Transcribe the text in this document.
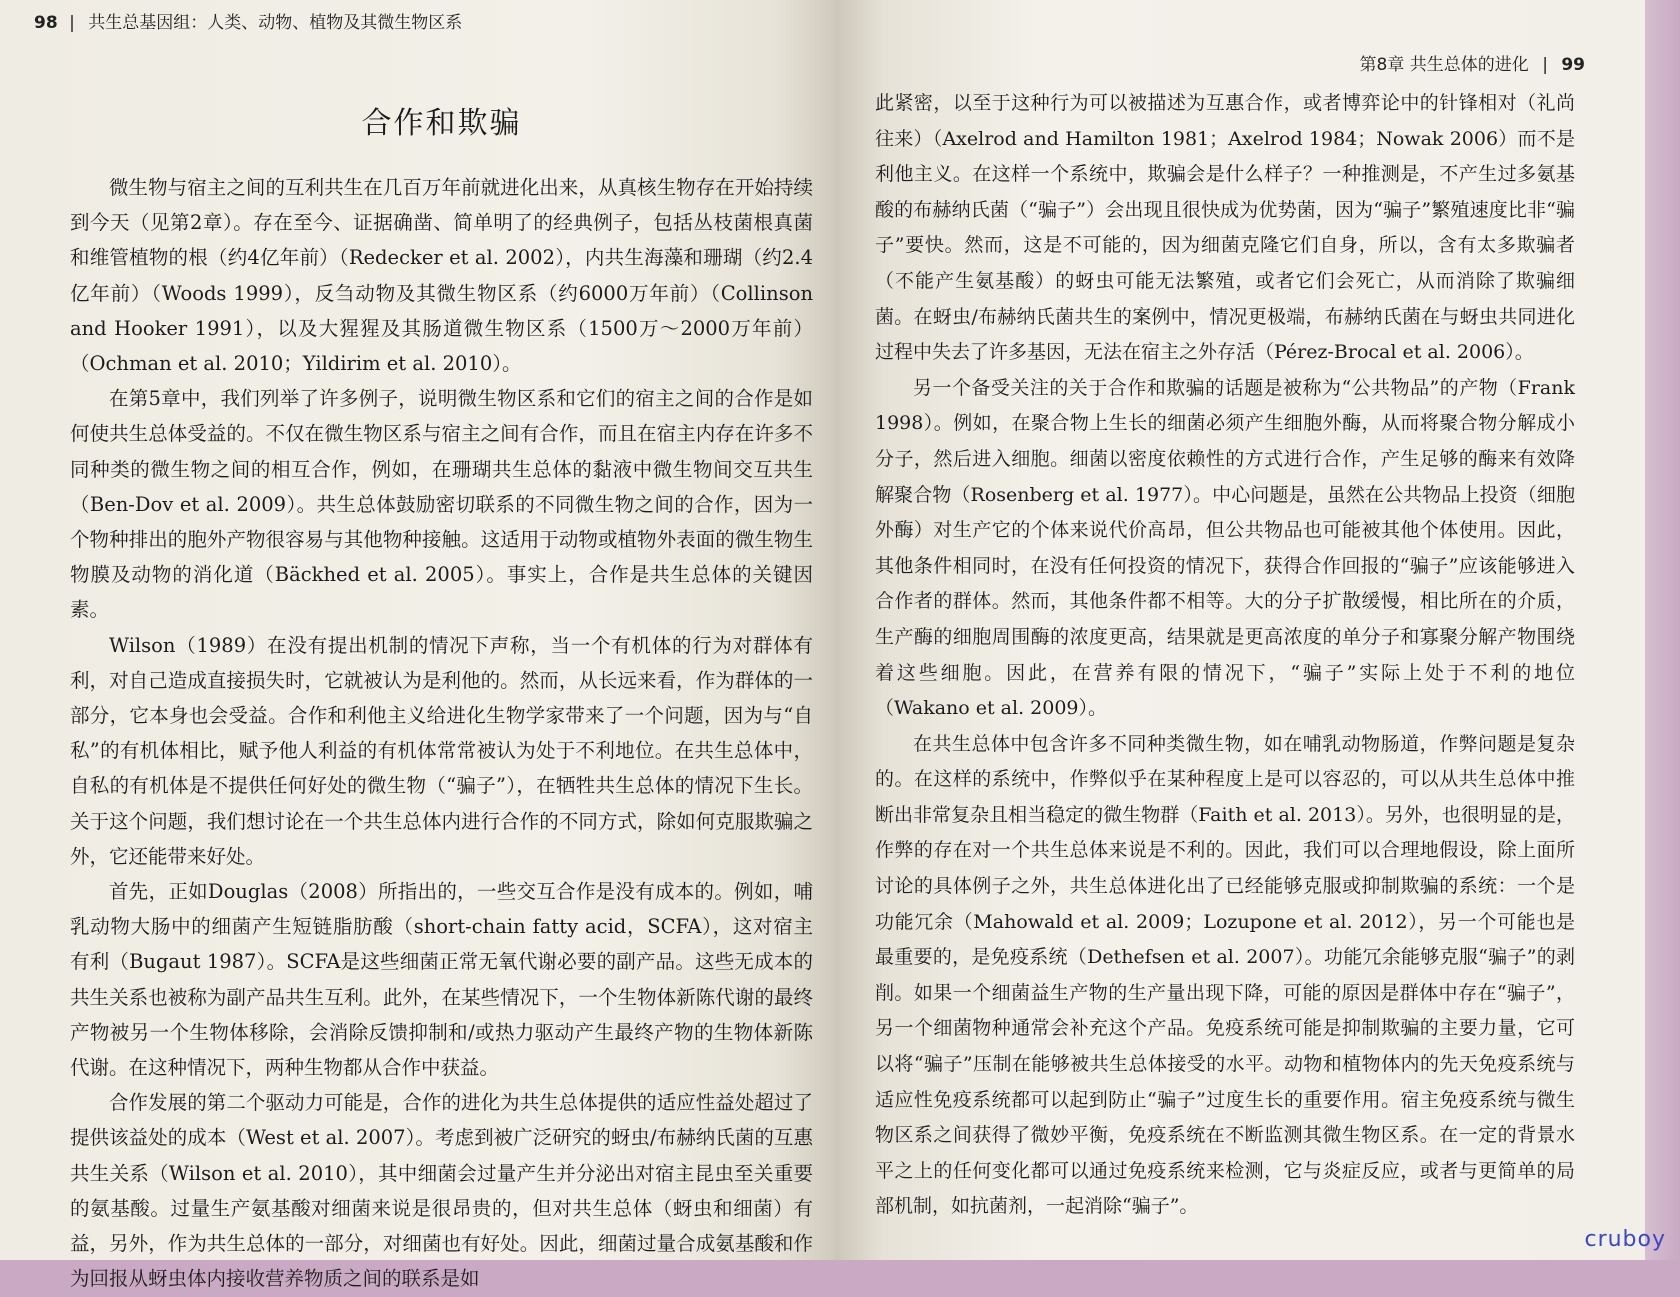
98 | 共生总基因组：人类、动物、植物及其微生物区系
合作和欺骗

微生物与宿主之间的互利共生在几百万年前就进化出来，从真核生物存在开始持续到今天（见第2章）。存在至今、证据确凿、简单明了的经典例子，包括丛枝菌根真菌和维管植物的根（约4亿年前）（Redecker et al. 2002），内共生海藻和珊瑚（约2.4亿年前）（Woods 1999），反刍动物及其微生物区系（约6000万年前）（Collinson and Hooker 1991），以及大猩猩及其肠道微生物区系（1500万～2000万年前）（Ochman et al. 2010；Yildirim et al. 2010）。

在第5章中，我们列举了许多例子，说明微生物区系和它们的宿主之间的合作是如何使共生总体受益的。不仅在微生物区系与宿主之间有合作，而且在宿主内存在许多不同种类的微生物之间的相互合作，例如，在珊瑚共生总体的黏液中微生物间交互共生（Ben-Dov et al. 2009）。共生总体鼓励密切联系的不同微生物之间的合作，因为一个物种排出的胞外产物很容易与其他物种接触。这适用于动物或植物外表面的微生物生物膜及动物的消化道（Bäckhed et al. 2005）。事实上，合作是共生总体的关键因素。

Wilson（1989）在没有提出机制的情况下声称，当一个有机体的行为对群体有利，对自己造成直接损失时，它就被认为是利他的。然而，从长远来看，作为群体的一部分，它本身也会受益。合作和利他主义给进化生物学家带来了一个问题，因为与“自私”的有机体相比，赋予他人利益的有机体常常被认为处于不利地位。在共生总体中，自私的有机体是不提供任何好处的微生物（“骗子”），在牺牲共生总体的情况下生长。关于这个问题，我们想讨论在一个共生总体内进行合作的不同方式，除如何克服欺骗之外，它还能带来好处。

首先，正如Douglas（2008）所指出的，一些交互合作是没有成本的。例如，哺乳动物大肠中的细菌产生短链脂肪酸（short-chain fatty acid，SCFA），这对宿主有利（Bugaut 1987）。SCFA是这些细菌正常无氧代谢必要的副产品。这些无成本的共生关系也被称为副产品共生互利。此外，在某些情况下，一个生物体新陈代谢的最终产物被另一个生物体移除，会消除反馈抑制和/或热力驱动产生最终产物的生物体新陈代谢。在这种情况下，两种生物都从合作中获益。

合作发展的第二个驱动力可能是，合作的进化为共生总体提供的适应性益处超过了提供该益处的成本（West et al. 2007）。考虑到被广泛研究的蚜虫/布赫纳氏菌的互惠共生关系（Wilson et al. 2010），其中细菌会过量产生并分泌出对宿主昆虫至关重要的氨基酸。过量生产氨基酸对细菌来说是很昂贵的，但对共生总体（蚜虫和细菌）有益，另外，作为共生总体的一部分，对细菌也有好处。因此，细菌过量合成氨基酸和作为回报从蚜虫体内接收营养物质之间的联系是如

第8章 共生总体的进化 | 99

此紧密，以至于这种行为可以被描述为互惠合作，或者博弈论中的针锋相对（礼尚往来）（Axelrod and Hamilton 1981；Axelrod 1984；Nowak 2006）而不是利他主义。在这样一个系统中，欺骗会是什么样子？一种推测是，不产生过多氨基酸的布赫纳氏菌（“骗子”）会出现且很快成为优势菌，因为“骗子”繁殖速度比非“骗子”要快。然而，这是不可能的，因为细菌克隆它们自身，所以，含有太多欺骗者（不能产生氨基酸）的蚜虫可能无法繁殖，或者它们会死亡，从而消除了欺骗细菌。在蚜虫/布赫纳氏菌共生的案例中，情况更极端，布赫纳氏菌在与蚜虫共同进化过程中失去了许多基因，无法在宿主之外存活（Pérez-Brocal et al. 2006）。

另一个备受关注的关于合作和欺骗的话题是被称为“公共物品”的产物（Frank 1998）。例如，在聚合物上生长的细菌必须产生细胞外酶，从而将聚合物分解成小分子，然后进入细胞。细菌以密度依赖性的方式进行合作，产生足够的酶来有效降解聚合物（Rosenberg et al. 1977）。中心问题是，虽然在公共物品上投资（细胞外酶）对生产它的个体来说代价高昂，但公共物品也可能被其他个体使用。因此，其他条件相同时，在没有任何投资的情况下，获得合作回报的“骗子”应该能够进入合作者的群体。然而，其他条件都不相等。大的分子扩散缓慢，相比所在的介质，生产酶的细胞周围酶的浓度更高，结果就是更高浓度的单分子和寡聚分解产物围绕着这些细胞。因此，在营养有限的情况下，“骗子”实际上处于不利的地位（Wakano et al. 2009）。

在共生总体中包含许多不同种类微生物，如在哺乳动物肠道，作弊问题是复杂的。在这样的系统中，作弊似乎在某种程度上是可以容忍的，可以从共生总体中推断出非常复杂且相当稳定的微生物群（Faith et al. 2013）。另外，也很明显的是，作弊的存在对一个共生总体来说是不利的。因此，我们可以合理地假设，除上面所讨论的具体例子之外，共生总体进化出了已经能够克服或抑制欺骗的系统：一个是功能冗余（Mahowald et al. 2009；Lozupone et al. 2012），另一个可能也是最重要的，是免疫系统（Dethefsen et al. 2007）。功能冗余能够克服“骗子”的剥削。如果一个细菌益生产物的生产量出现下降，可能的原因是群体中存在“骗子”，另一个细菌物种通常会补充这个产品。免疫系统可能是抑制欺骗的主要力量，它可以将“骗子”压制在能够被共生总体接受的水平。动物和植物体内的先天免疫系统与适应性免疫系统都可以起到防止“骗子”过度生长的重要作用。宿主免疫系统与微生物区系之间获得了微妙平衡，免疫系统在不断监测其微生物区系。在一定的背景水平之上的任何变化都可以通过免疫系统来检测，它与炎症反应，或者与更简单的局部机制，如抗菌剂，一起消除“骗子”。

cruboy
